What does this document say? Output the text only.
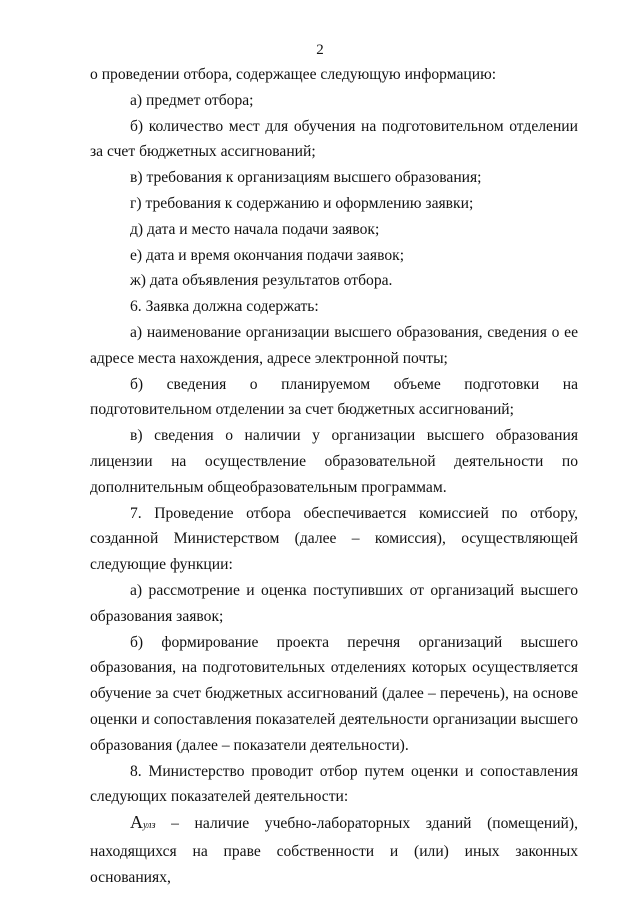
2

о проведении отбора, содержащее следующую информацию:

а) предмет отбора;

б) количество мест для обучения на подготовительном отделении за счет бюджетных ассигнований;

в) требования к организациям высшего образования;

г) требования к содержанию и оформлению заявки;

д) дата и место начала подачи заявок;

е) дата и время окончания подачи заявок;

ж) дата объявления результатов отбора.

6. Заявка должна содержать:

а) наименование организации высшего образования, сведения о ее адресе места нахождения, адресе электронной почты;

б) сведения о планируемом объеме подготовки на подготовительном отделении за счет бюджетных ассигнований;

в) сведения о наличии у организации высшего образования лицензии на осуществление образовательной деятельности по дополнительным общеобразовательным программам.

7. Проведение отбора обеспечивается комиссией по отбору, созданной Министерством (далее – комиссия), осуществляющей следующие функции:

а) рассмотрение и оценка поступивших от организаций высшего образования заявок;

б) формирование проекта перечня организаций высшего образования, на подготовительных отделениях которых осуществляется обучение за счет бюджетных ассигнований (далее – перечень), на основе оценки и сопоставления показателей деятельности организации высшего образования (далее – показатели деятельности).

8. Министерство проводит отбор путем оценки и сопоставления следующих показателей деятельности:

Аулз – наличие учебно-лабораторных зданий (помещений), находящихся на праве собственности и (или) иных законных основаниях,
